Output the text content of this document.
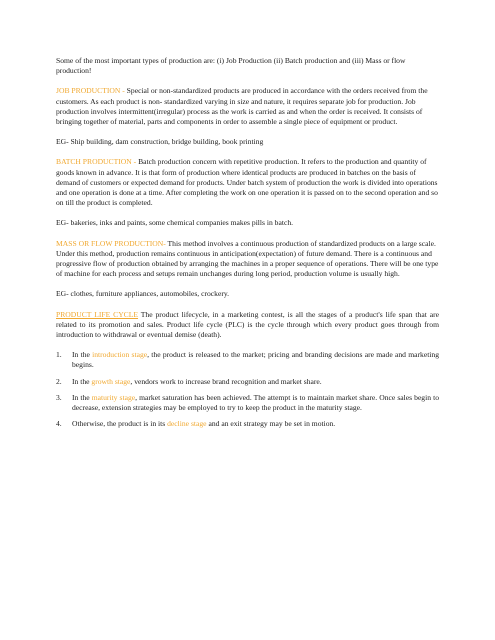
Some of the most important types of production are: (i) Job Production (ii) Batch production and (iii) Mass or flow production!

JOB PRODUCTION - Special or non-standardized products are produced in accordance with the orders received from the customers. As each product is non- standardized varying in size and nature, it requires separate job for production. Job production involves intermittent(irregular) process as the work is carried as and when the order is received. It consists of bringing together of material, parts and components in order to assemble a single piece of equipment or product.

EG- Ship building, dam construction, bridge building, book printing

BATCH PRODUCTION - Batch production concern with repetitive production. It refers to the production and quantity of goods known in advance. It is that form of production where identical products are produced in batches on the basis of demand of customers or expected demand for products. Under batch system of production the work is divided into operations and one operation is done at a time. After completing the work on one operation it is passed on to the second operation and so on till the product is completed.

EG- bakeries, inks and paints, some chemical companies makes pills in batch.

MASS OR FLOW PRODUCTION- This method involves a continuous production of standardized products on a large scale. Under this method, production remains continuous in anticipation(expectation) of future demand. There is a continuous and progressive flow of production obtained by arranging the machines in a proper sequence of operations. There will be one type of machine for each process and setups remain unchanges during long period, production volume is usually high.

EG- clothes, furniture appliances, automobiles, crockery.

PRODUCT LIFE CYCLE The product lifecycle, in a marketing contest, is all the stages of a product's life span that are related to its promotion and sales. Product life cycle (PLC) is the cycle through which every product goes through from introduction to withdrawal or eventual demise (death).

1.	In the introduction stage, the product is released to the market; pricing and branding decisions are made and marketing begins.
2.	In the growth stage, vendors work to increase brand recognition and market share.
3.	In the maturity stage, market saturation has been achieved. The attempt is to maintain market share. Once sales begin to decrease, extension strategies may be employed to try to keep the product in the maturity stage.
4.	Otherwise, the product is in its decline stage and an exit strategy may be set in motion.
